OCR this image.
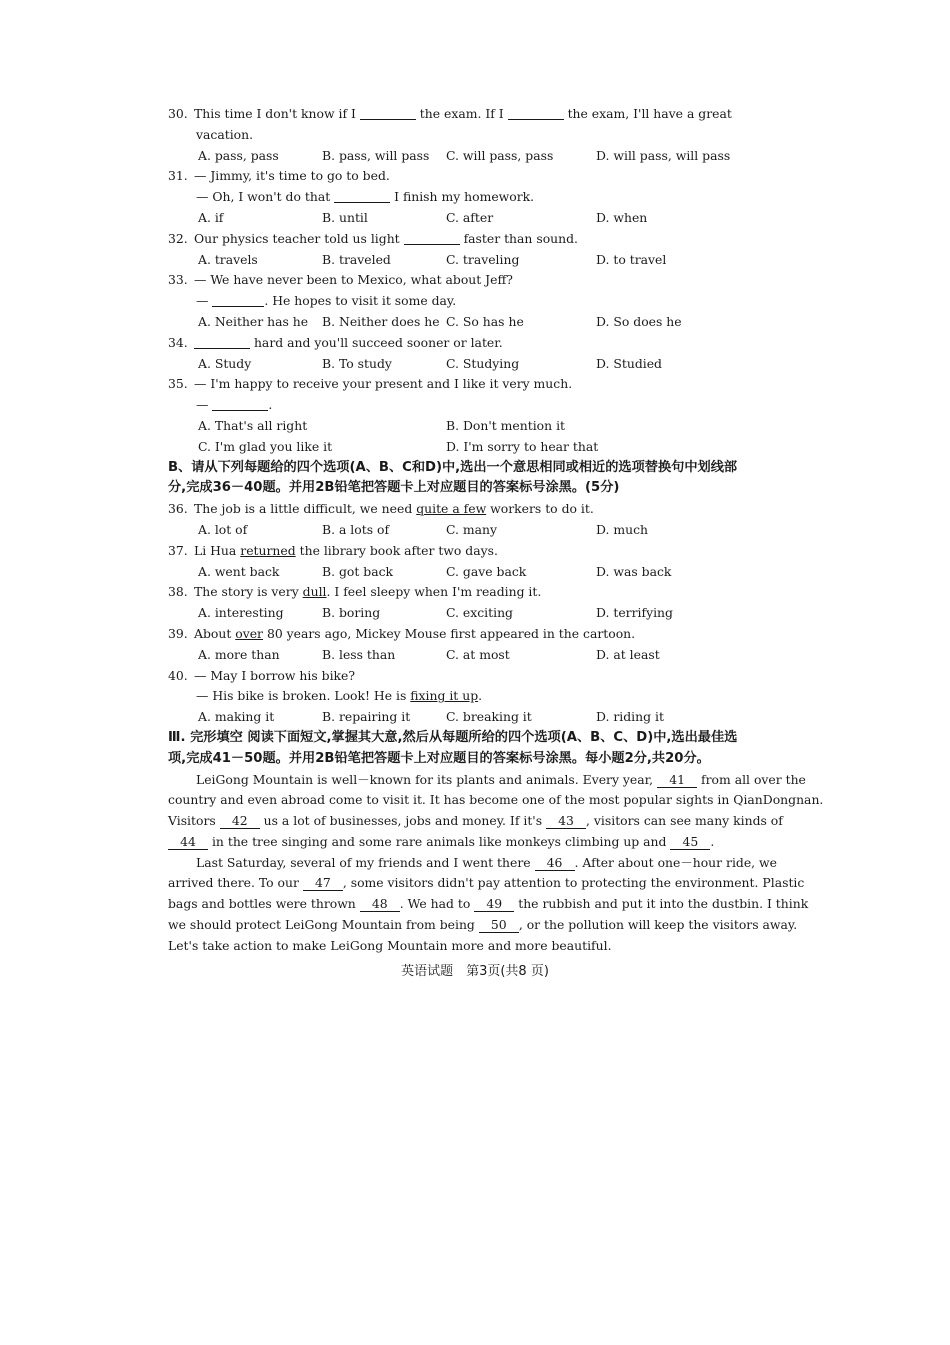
30. This time I don't know if I	the exam. If I	the exam, I'll have a great
vacation.
A. pass, pass	B. pass, will pass C. will pass, pass	D. will pass, will pass
31. — Jimmy, it's time to go to bed.
— Oh, I won't do that	I finish my homework.
A. if	B. until	C. after	D. when
32. Our physics teacher told us light	faster than sound.
A. travels	B. traveled	C. traveling	D. to travel
33. — We have never been to Mexico, what about Jeff?
—	. He hopes to visit it some day.
A. Neither has he B. Neither does he C. So has he	D. So does he
34.	hard and you'll succeed sooner or later.
A. Study	B. To study	C. Studying	D. Studied
35. — I'm happy to receive your present and I like it very much.
—	.
A. That's all right	B. Don't mention it
C. I'm glad you like it	D. I'm sorry to hear that
B、请从下列每题给的四个选项(A、B、C和D)中,选出一个意思相同或相近的选项替换句中划线部
分,完成36－40题。并用2B铅笔把答题卡上对应题目的答案标号涂黑。(5分)
36. The job is a little difficult, we need quite a few workers to do it.
A. lot of	B. a lots of	C. many	D. much
37. Li Hua returned the library book after two days.
A. went back	B. got back	C. gave back	D. was back
38. The story is very dull. I feel sleepy when I'm reading it.
A. interesting	B. boring	C. exciting	D. terrifying
39. About over 80 years ago, Mickey Mouse first appeared in the cartoon.
A. more than	B. less than	C. at most	D. at least
40. — May I borrow his bike?
— His bike is broken. Look! He is fixing it up.
A. making it	B. repairing it	C. breaking it	D. riding it
Ⅲ. 完形填空 阅读下面短文,掌握其大意,然后从每题所给的四个选项(A、B、C、D)中,选出最佳选
项,完成41－50题。并用2B铅笔把答题卡上对应题目的答案标号涂黑。每小题2分,共20分。
LeiGong Mountain is well－known for its plants and animals. Every year, 41 from all over the
country and even abroad come to visit it. It has become one of the most popular sights in QianDongnan.
Visitors 42 us a lot of businesses, jobs and money. If it's 43 , visitors can see many kinds of
44 in the tree singing and some rare animals like monkeys climbing up and 45 .
Last Saturday, several of my friends and I went there 46 . After about one－hour ride, we
arrived there. To our 47 , some visitors didn't pay attention to protecting the environment. Plastic
bags and bottles were thrown 48 . We had to 49 the rubbish and put it into the dustbin. I think
we should protect LeiGong Mountain from being 50 , or the pollution will keep the visitors away.
Let's take action to make LeiGong Mountain more and more beautiful.
英语试题　第3页(共8 页)
